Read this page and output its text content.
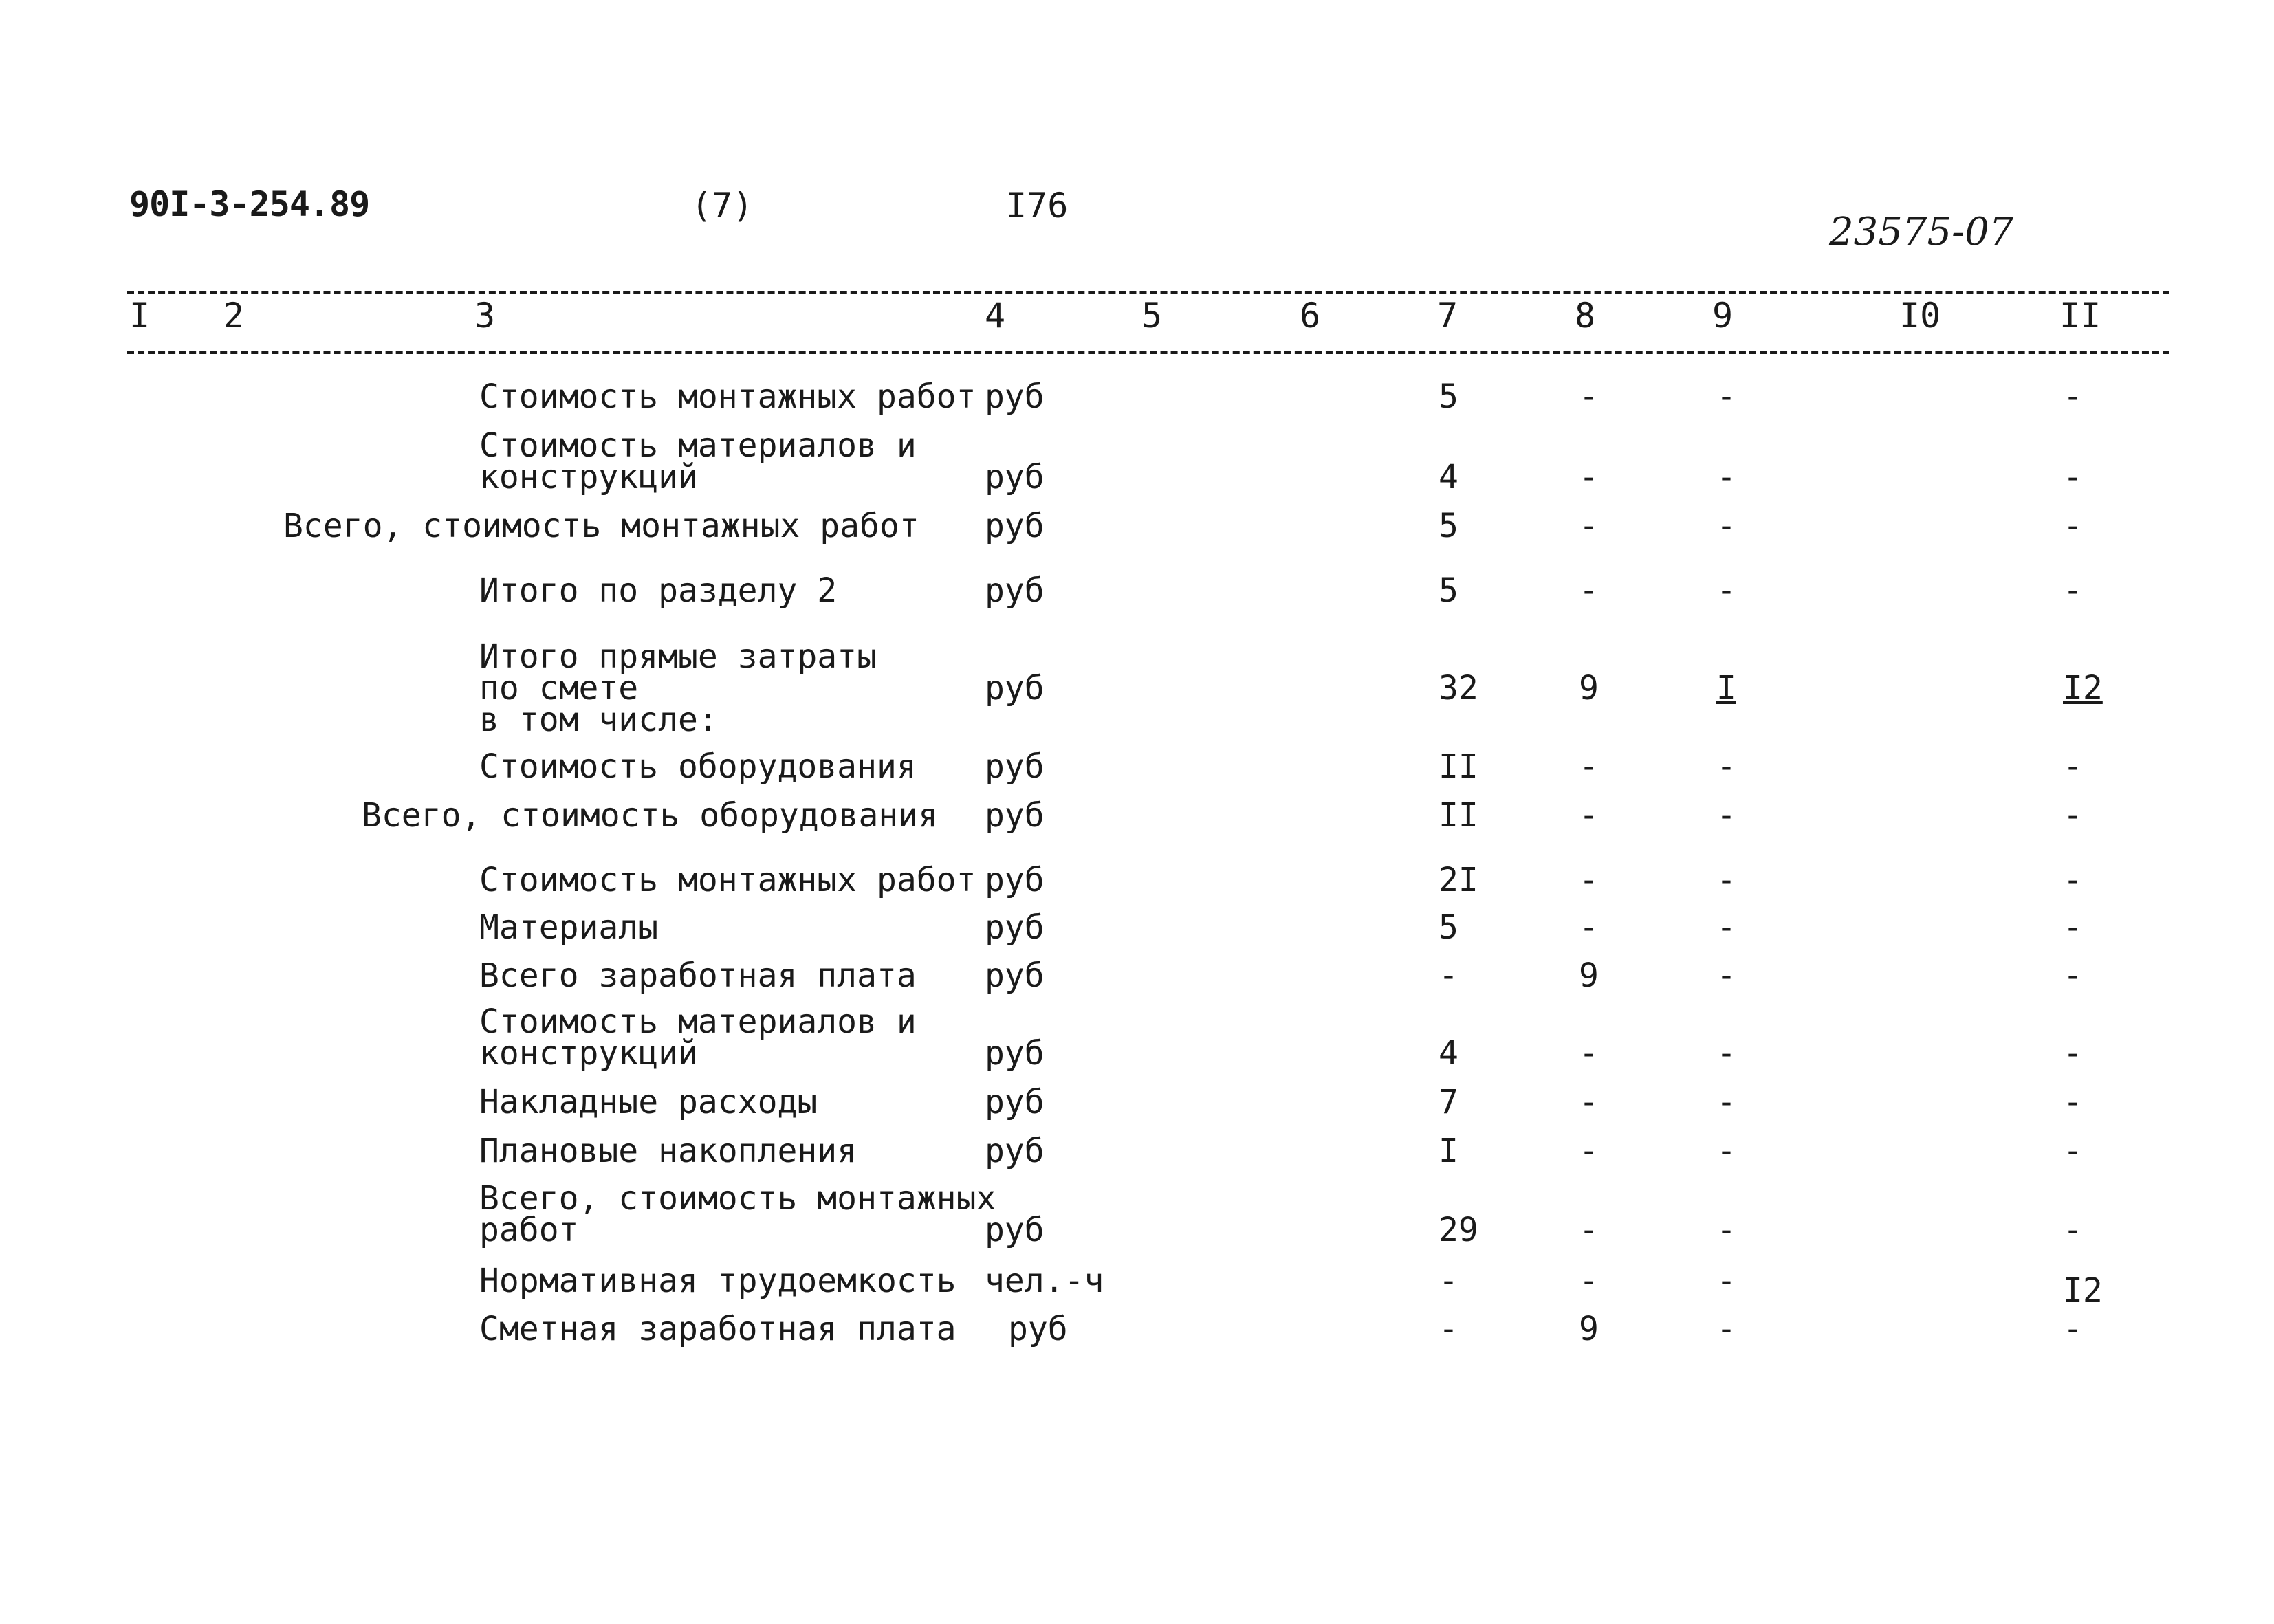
90I-3-254.89	(7)	I76
23575-07
I 2	3	4	5	6	7	8	9	I0	II
Стоимость монтажных работ руб	5	-	-	-
Стоимость материалов и
конструкций	руб	4	-	-	-
Всего, стоимость монтажных работ руб	5	-	-	-
Итого по разделу 2	руб	5	-	-	-
Итого прямые затраты
по смете
в том числе:
руб	32	9	I	I2
Стоимость оборудования руб	II	-	-	-
Всего, стоимость оборудования руб	II	-	-	-
Стоимость монтажных работ руб	2I	-	-	-
Материалы	руб	5	-	-	-
Всего заработная плата руб	-	9	-	-
Стоимость материалов и
конструкций	руб	4	-	-	-
Накладные расходы	руб	7	-	-	-
Плановые накопления	руб	I	-	-	-
Всего, стоимость монтажных
работ	руб	29	-	-	-
Нормативная трудоемкость чел.-ч	-	-	-	I2
Сметная заработная плата руб	-	9	-	-
